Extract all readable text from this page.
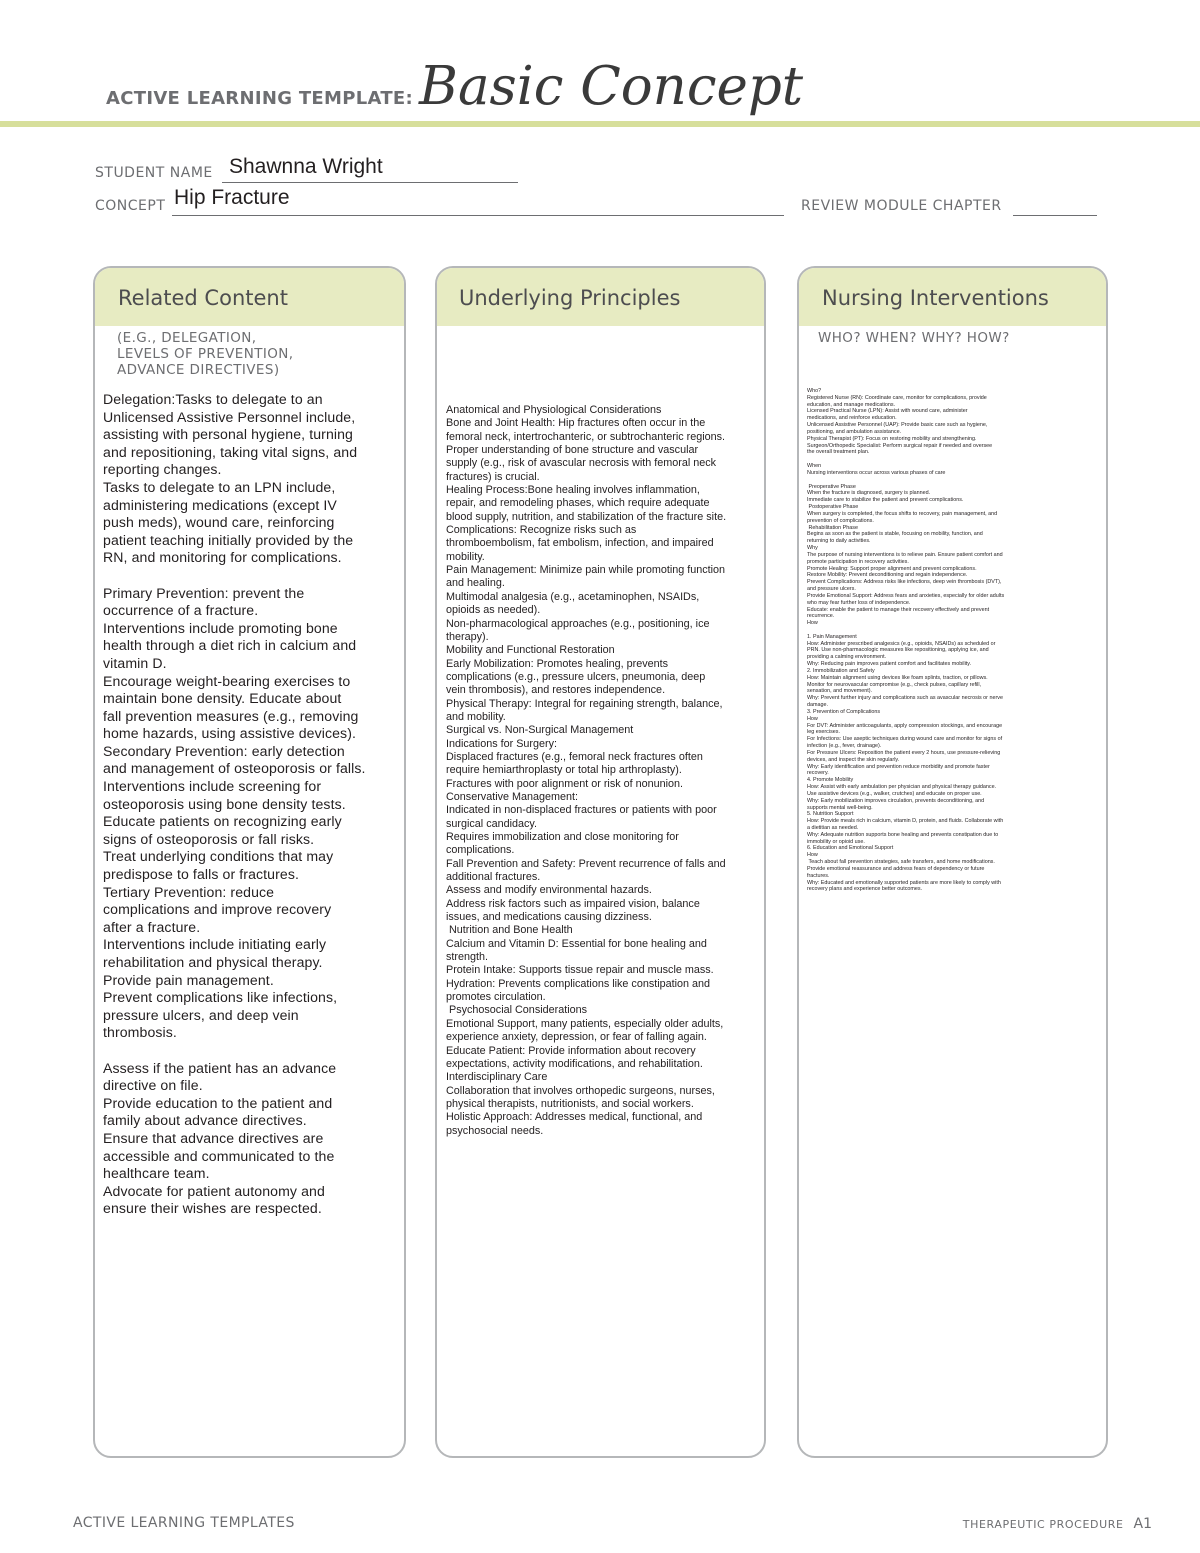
ACTIVE LEARNING TEMPLATE: Basic Concept
STUDENT NAME Shawnna Wright
CONCEPT Hip Fracture	REVIEW MODULE CHAPTER
Related Content
(E.G., DELEGATION,
LEVELS OF PREVENTION,
ADVANCE DIRECTIVES)
Delegation:Tasks to delegate to an
Unlicensed Assistive Personnel include,
assisting with personal hygiene, turning
and repositioning, taking vital signs, and
reporting changes.
Tasks to delegate to an LPN include,
administering medications (except IV
push meds), wound care, reinforcing
patient teaching initially provided by the
RN, and monitoring for complications.

Primary Prevention: prevent the
occurrence of a fracture.
Interventions include promoting bone
health through a diet rich in calcium and
vitamin D.
Encourage weight-bearing exercises to
maintain bone density. Educate about
fall prevention measures (e.g., removing
home hazards, using assistive devices).
Secondary Prevention: early detection
and management of osteoporosis or falls.
Interventions include screening for
osteoporosis using bone density tests.
Educate patients on recognizing early
signs of osteoporosis or fall risks.
Treat underlying conditions that may
predispose to falls or fractures.
Tertiary Prevention: reduce
complications and improve recovery
after a fracture.
Interventions include initiating early
rehabilitation and physical therapy.
Provide pain management.
Prevent complications like infections,
pressure ulcers, and deep vein
thrombosis.

Assess if the patient has an advance
directive on file.
Provide education to the patient and
family about advance directives.
Ensure that advance directives are
accessible and communicated to the
healthcare team.
Advocate for patient autonomy and
ensure their wishes are respected.
Underlying Principles
Anatomical and Physiological Considerations
Bone and Joint Health: Hip fractures often occur in the
femoral neck, intertrochanteric, or subtrochanteric regions.
Proper understanding of bone structure and vascular
supply (e.g., risk of avascular necrosis with femoral neck
fractures) is crucial.
Healing Process:Bone healing involves inflammation,
repair, and remodeling phases, which require adequate
blood supply, nutrition, and stabilization of the fracture site.
Complications: Recognize risks such as
thromboembolism, fat embolism, infection, and impaired
mobility.
Pain Management: Minimize pain while promoting function
and healing.
Multimodal analgesia (e.g., acetaminophen, NSAIDs,
opioids as needed).
Non-pharmacological approaches (e.g., positioning, ice
therapy).
Mobility and Functional Restoration
Early Mobilization: Promotes healing, prevents
complications (e.g., pressure ulcers, pneumonia, deep
vein thrombosis), and restores independence.
Physical Therapy: Integral for regaining strength, balance,
and mobility.
Surgical vs. Non-Surgical Management
Indications for Surgery:
Displaced fractures (e.g., femoral neck fractures often
require hemiarthroplasty or total hip arthroplasty).
Fractures with poor alignment or risk of nonunion.
Conservative Management:
Indicated in non-displaced fractures or patients with poor
surgical candidacy.
Requires immobilization and close monitoring for
complications.
Fall Prevention and Safety: Prevent recurrence of falls and
additional fractures.
Assess and modify environmental hazards.
Address risk factors such as impaired vision, balance
issues, and medications causing dizziness.
Nutrition and Bone Health
Calcium and Vitamin D: Essential for bone healing and
strength.
Protein Intake: Supports tissue repair and muscle mass.
Hydration: Prevents complications like constipation and
promotes circulation.
Psychosocial Considerations
Emotional Support, many patients, especially older adults,
experience anxiety, depression, or fear of falling again.
Educate Patient: Provide information about recovery
expectations, activity modifications, and rehabilitation.
Interdisciplinary Care
Collaboration that involves orthopedic surgeons, nurses,
physical therapists, nutritionists, and social workers.
Holistic Approach: Addresses medical, functional, and
psychosocial needs.
Nursing Interventions
WHO? WHEN? WHY? HOW?
Who?
Registered Nurse (RN): Coordinate care, monitor for complications, provide
education, and manage medications.
Licensed Practical Nurse (LPN): Assist with wound care, administer
medications, and reinforce education.
Unlicensed Assistive Personnel (UAP): Provide basic care such as hygiene,
positioning, and ambulation assistance.
Physical Therapist (PT): Focus on restoring mobility and strengthening.
Surgeon/Orthopedic Specialist: Perform surgical repair if needed and oversee
the overall treatment plan.

When
Nursing interventions occur across various phases of care

Preoperative Phase
When the fracture is diagnosed, surgery is planned.
Immediate care to stabilize the patient and prevent complications.
Postoperative Phase
When surgery is completed, the focus shifts to recovery, pain management, and
prevention of complications.
Rehabilitation Phase
Begins as soon as the patient is stable, focusing on mobility, function, and
returning to daily activities.
Why
The purpose of nursing interventions is to relieve pain. Ensure patient comfort and
promote participation in recovery activities.
Promote Healing: Support proper alignment and prevent complications.
Restore Mobility: Prevent deconditioning and regain independence.
Prevent Complications: Address risks like infections, deep vein thrombosis (DVT),
and pressure ulcers.
Provide Emotional Support: Address fears and anxieties, especially for older adults
who may fear further loss of independence.
Educate: enable the patient to manage their recovery effectively and prevent
recurrence.
How

1. Pain Management
How: Administer prescribed analgesics (e.g., opioids, NSAIDs) as scheduled or
PRN. Use non-pharmacologic measures like repositioning, applying ice, and
providing a calming environment.
Why: Reducing pain improves patient comfort and facilitates mobility.
2. Immobilization and Safety
How: Maintain alignment using devices like foam splints, traction, or pillows.
Monitor for neurovascular compromise (e.g., check pulses, capillary refill,
sensation, and movement).
Why: Prevent further injury and complications such as avascular necrosis or nerve
damage.
3. Prevention of Complications
How
For DVT: Administer anticoagulants, apply compression stockings, and encourage
leg exercises.
For Infections: Use aseptic techniques during wound care and monitor for signs of
infection (e.g., fever, drainage).
For Pressure Ulcers: Reposition the patient every 2 hours, use pressure-relieving
devices, and inspect the skin regularly.
Why: Early identification and prevention reduce morbidity and promote faster
recovery.
4. Promote Mobility
How: Assist with early ambulation per physician and physical therapy guidance.
Use assistive devices (e.g., walker, crutches) and educate on proper use.
Why: Early mobilization improves circulation, prevents deconditioning, and
supports mental well-being.
5. Nutrition Support
How: Provide meals rich in calcium, vitamin D, protein, and fluids. Collaborate with
a dietitian as needed.
Why: Adequate nutrition supports bone healing and prevents constipation due to
immobility or opioid use.
6. Education and Emotional Support
How
Teach about fall prevention strategies, safe transfers, and home modifications.
Provide emotional reassurance and address fears of dependency or future
fractures.
Why: Educated and emotionally supported patients are more likely to comply with
recovery plans and experience better outcomes.
ACTIVE LEARNING TEMPLATES	THERAPEUTIC PROCEDURE A1
